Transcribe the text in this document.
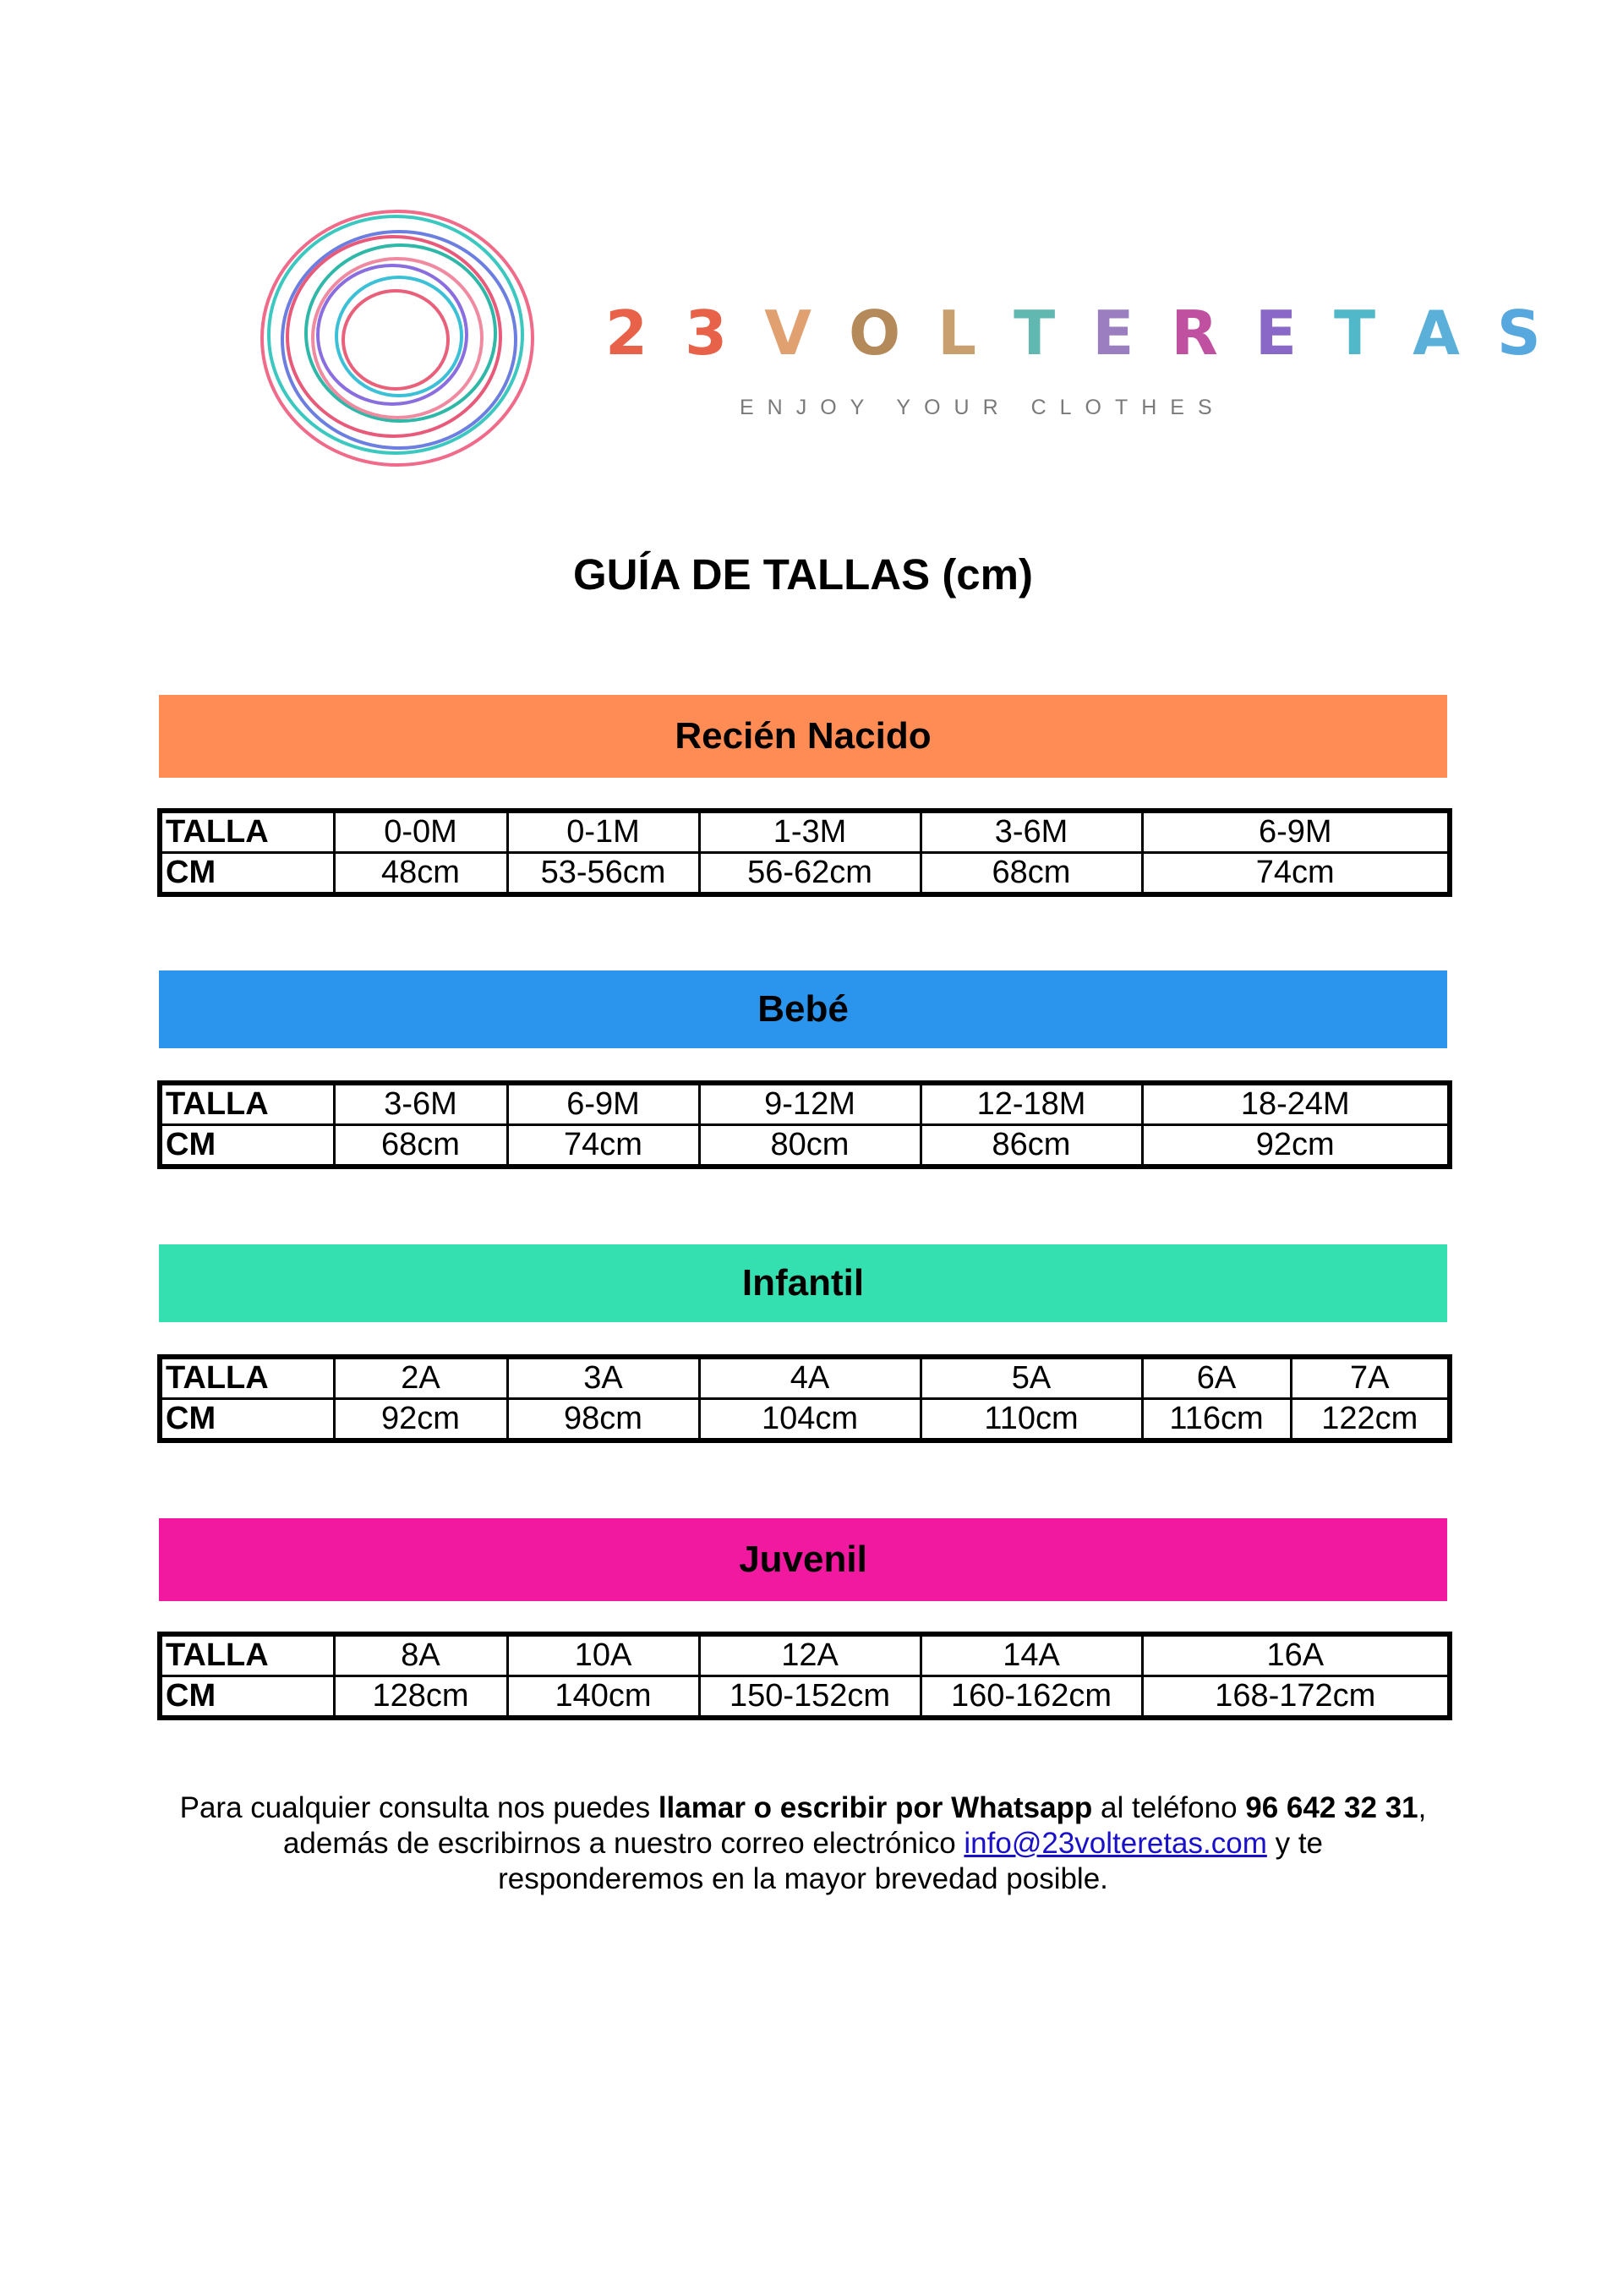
23VOLTERETAS
ENJOY YOUR CLOTHES
GUÍA DE TALLAS (cm)
Recién Nacido
TALLA	0-0M	0-1M	1-3M	3-6M	6-9M
CM	48cm	53-56cm	56-62cm	68cm	74cm
Bebé
TALLA	3-6M	6-9M	9-12M	12-18M	18-24M
CM	68cm	74cm	80cm	86cm	92cm
Infantil
TALLA	2A	3A	4A	5A	6A	7A
CM	92cm	98cm	104cm	110cm	116cm	122cm
Juvenil
TALLA	8A	10A	12A	14A	16A
CM	128cm	140cm	150-152cm	160-162cm	168-172cm
Para cualquier consulta nos puedes llamar o escribir por Whatsapp al teléfono 96 642 32 31,
además de escribirnos a nuestro correo electrónico info@23volteretas.com y te
responderemos en la mayor brevedad posible.
